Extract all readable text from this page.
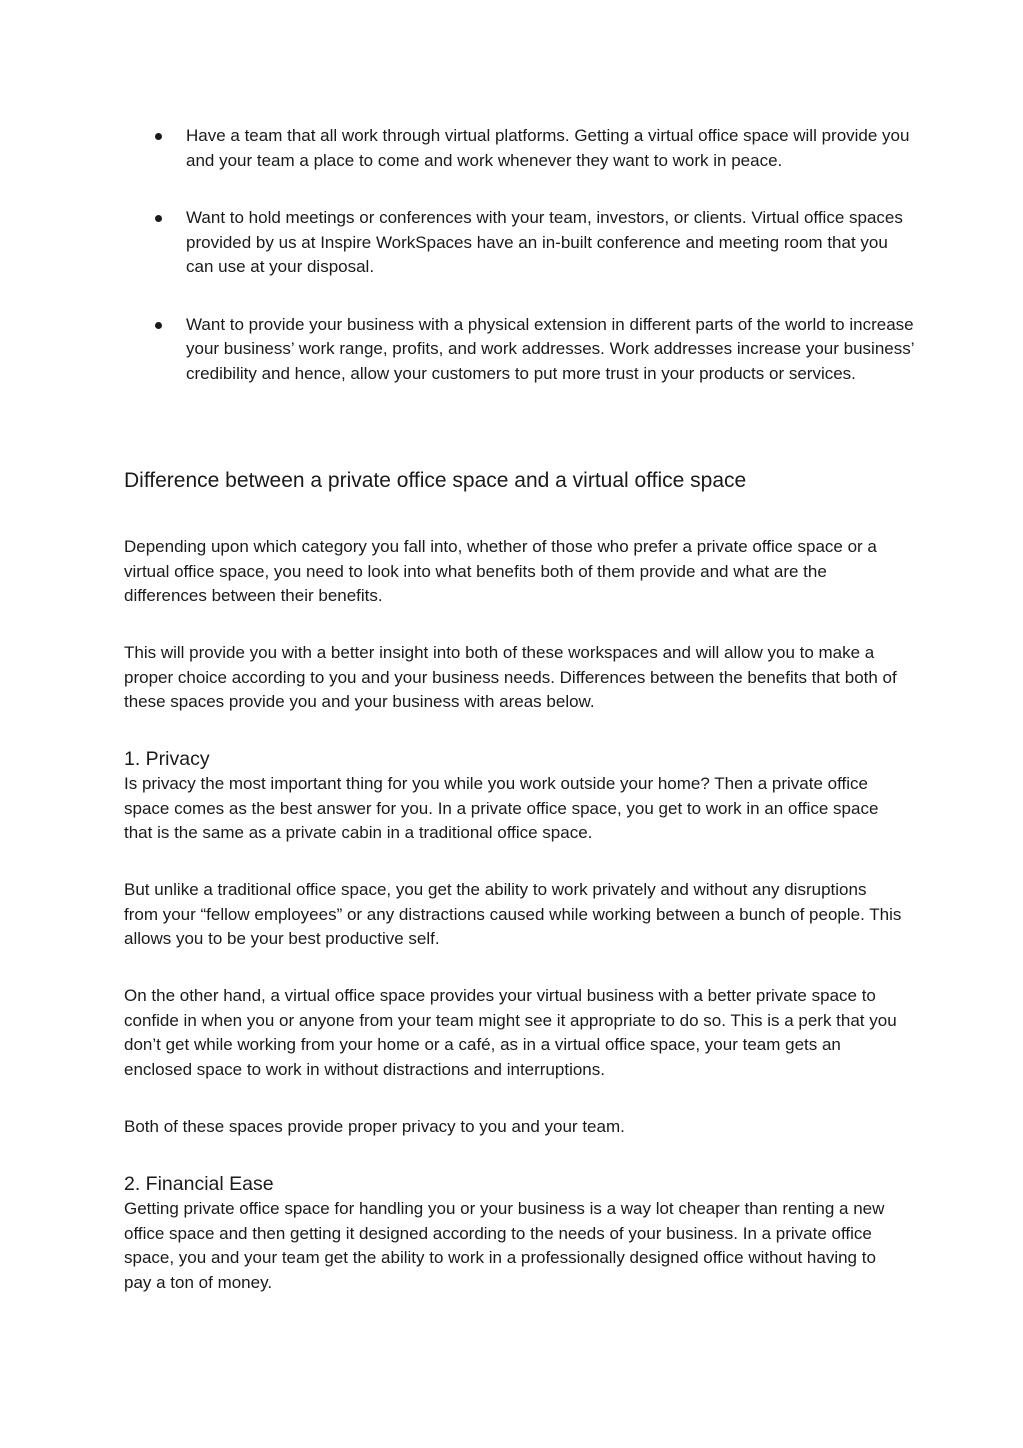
Have a team that all work through virtual platforms. Getting a virtual office space will provide you and your team a place to come and work whenever they want to work in peace.
Want to hold meetings or conferences with your team, investors, or clients. Virtual office spaces provided by us at Inspire WorkSpaces have an in-built conference and meeting room that you can use at your disposal.
Want to provide your business with a physical extension in different parts of the world to increase your business’ work range, profits, and work addresses. Work addresses increase your business’ credibility and hence, allow your customers to put more trust in your products or services.
Difference between a private office space and a virtual office space

Depending upon which category you fall into, whether of those who prefer a private office space or a virtual office space, you need to look into what benefits both of them provide and what are the differences between their benefits.

This will provide you with a better insight into both of these workspaces and will allow you to make a proper choice according to you and your business needs. Differences between the benefits that both of these spaces provide you and your business with areas below.

1. Privacy

Is privacy the most important thing for you while you work outside your home? Then a private office space comes as the best answer for you. In a private office space, you get to work in an office space that is the same as a private cabin in a traditional office space.

But unlike a traditional office space, you get the ability to work privately and without any disruptions from your “fellow employees” or any distractions caused while working between a bunch of people. This allows you to be your best productive self.

On the other hand, a virtual office space provides your virtual business with a better private space to confide in when you or anyone from your team might see it appropriate to do so. This is a perk that you don’t get while working from your home or a café, as in a virtual office space, your team gets an enclosed space to work in without distractions and interruptions.

Both of these spaces provide proper privacy to you and your team.

2. Financial Ease

Getting private office space for handling you or your business is a way lot cheaper than renting a new office space and then getting it designed according to the needs of your business. In a private office space, you and your team get the ability to work in a professionally designed office without having to pay a ton of money.
